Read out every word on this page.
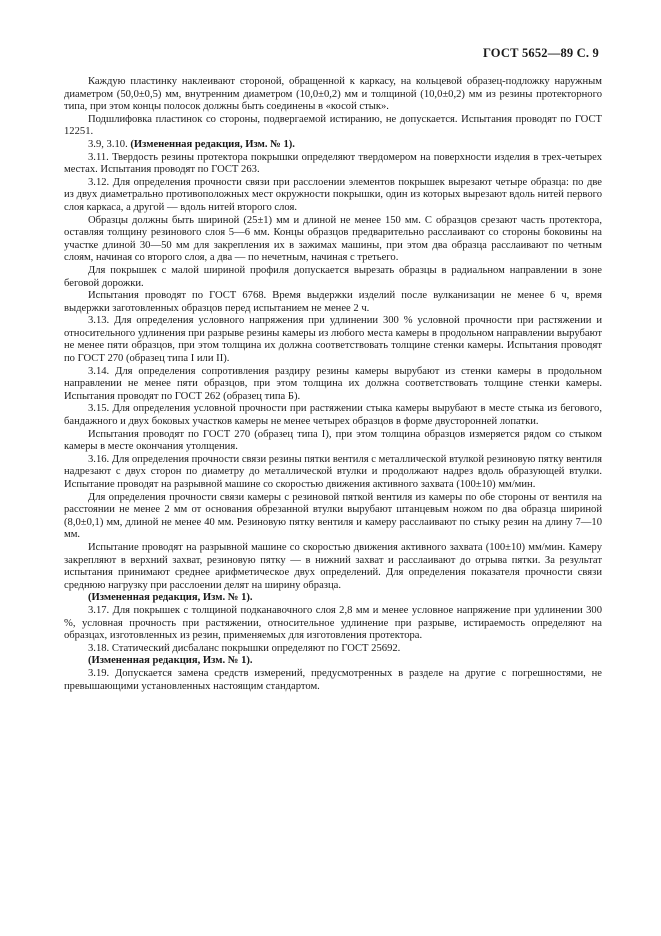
ГОСТ 5652—89 С. 9

Каждую пластинку наклеивают стороной, обращенной к каркасу, на кольцевой образец-подложку наружным диаметром (50,0±0,5) мм, внутренним диаметром (10,0±0,2) мм и толщиной (10,0±0,2) мм из резины протекторного типа, при этом концы полосок должны быть соединены в «косой стык».

Подшлифовка пластинок со стороны, подвергаемой истиранию, не допускается. Испытания проводят по ГОСТ 12251.

3.9, 3.10. (Измененная редакция, Изм. № 1).

3.11. Твердость резины протектора покрышки определяют твердомером на поверхности изделия в трех-четырех местах. Испытания проводят по ГОСТ 263.

3.12. Для определения прочности связи при расслоении элементов покрышек вырезают четыре образца: по две из двух диаметрально противоположных мест окружности покрышки, один из которых вырезают вдоль нитей первого слоя каркаса, а другой — вдоль нитей второго слоя.

Образцы должны быть шириной (25±1) мм и длиной не менее 150 мм. С образцов срезают часть протектора, оставляя толщину резинового слоя 5—6 мм. Концы образцов предварительно расслаивают со стороны боковины на участке длиной 30—50 мм для закрепления их в зажимах машины, при этом два образца расслаивают по четным слоям, начиная со второго слоя, а два — по нечетным, начиная с третьего.

Для покрышек с малой шириной профиля допускается вырезать образцы в радиальном направлении в зоне беговой дорожки.

Испытания проводят по ГОСТ 6768. Время выдержки изделий после вулканизации не менее 6 ч, время выдержки заготовленных образцов перед испытанием не менее 2 ч.

3.13. Для определения условного напряжения при удлинении 300 % условной прочности при растяжении и относительного удлинения при разрыве резины камеры из любого места камеры в продольном направлении вырубают не менее пяти образцов, при этом толщина их должна соответствовать толщине стенки камеры. Испытания проводят по ГОСТ 270 (образец типа I или II).

3.14. Для определения сопротивления раздиру резины камеры вырубают из стенки камеры в продольном направлении не менее пяти образцов, при этом толщина их должна соответствовать толщине стенки камеры. Испытания проводят по ГОСТ 262 (образец типа Б).

3.15. Для определения условной прочности при растяжении стыка камеры вырубают в месте стыка из бегового, бандажного и двух боковых участков камеры не менее четырех образцов в форме двусторонней лопатки.

Испытания проводят по ГОСТ 270 (образец типа I), при этом толщина образцов измеряется рядом со стыком камеры в месте окончания утолщения.

3.16. Для определения прочности связи резины пятки вентиля с металлической втулкой резиновую пятку вентиля надрезают с двух сторон по диаметру до металлической втулки и продолжают надрез вдоль образующей втулки. Испытание проводят на разрывной машине со скоростью движения активного захвата (100±10) мм/мин.

Для определения прочности связи камеры с резиновой пяткой вентиля из камеры по обе стороны от вентиля на расстоянии не менее 2 мм от основания обрезанной втулки вырубают штанцевым ножом по два образца шириной (8,0±0,1) мм, длиной не менее 40 мм. Резиновую пятку вентиля и камеру расслаивают по стыку резин на длину 7—10 мм.

Испытание проводят на разрывной машине со скоростью движения активного захвата (100±10) мм/мин. Камеру закрепляют в верхний захват, резиновую пятку — в нижний захват и расслаивают до отрыва пятки. За результат испытания принимают среднее арифметическое двух определений. Для определения показателя прочности связи среднюю нагрузку при расслоении делят на ширину образца.

(Измененная редакция, Изм. № 1).

3.17. Для покрышек с толщиной подканавочного слоя 2,8 мм и менее условное напряжение при удлинении 300 %, условная прочность при растяжении, относительное удлинение при разрыве, истираемость определяют на образцах, изготовленных из резин, применяемых для изготовления протектора.

3.18. Статический дисбаланс покрышки определяют по ГОСТ 25692.

(Измененная редакция, Изм. № 1).

3.19. Допускается замена средств измерений, предусмотренных в разделе на другие с погрешностями, не превышающими установленных настоящим стандартом.
